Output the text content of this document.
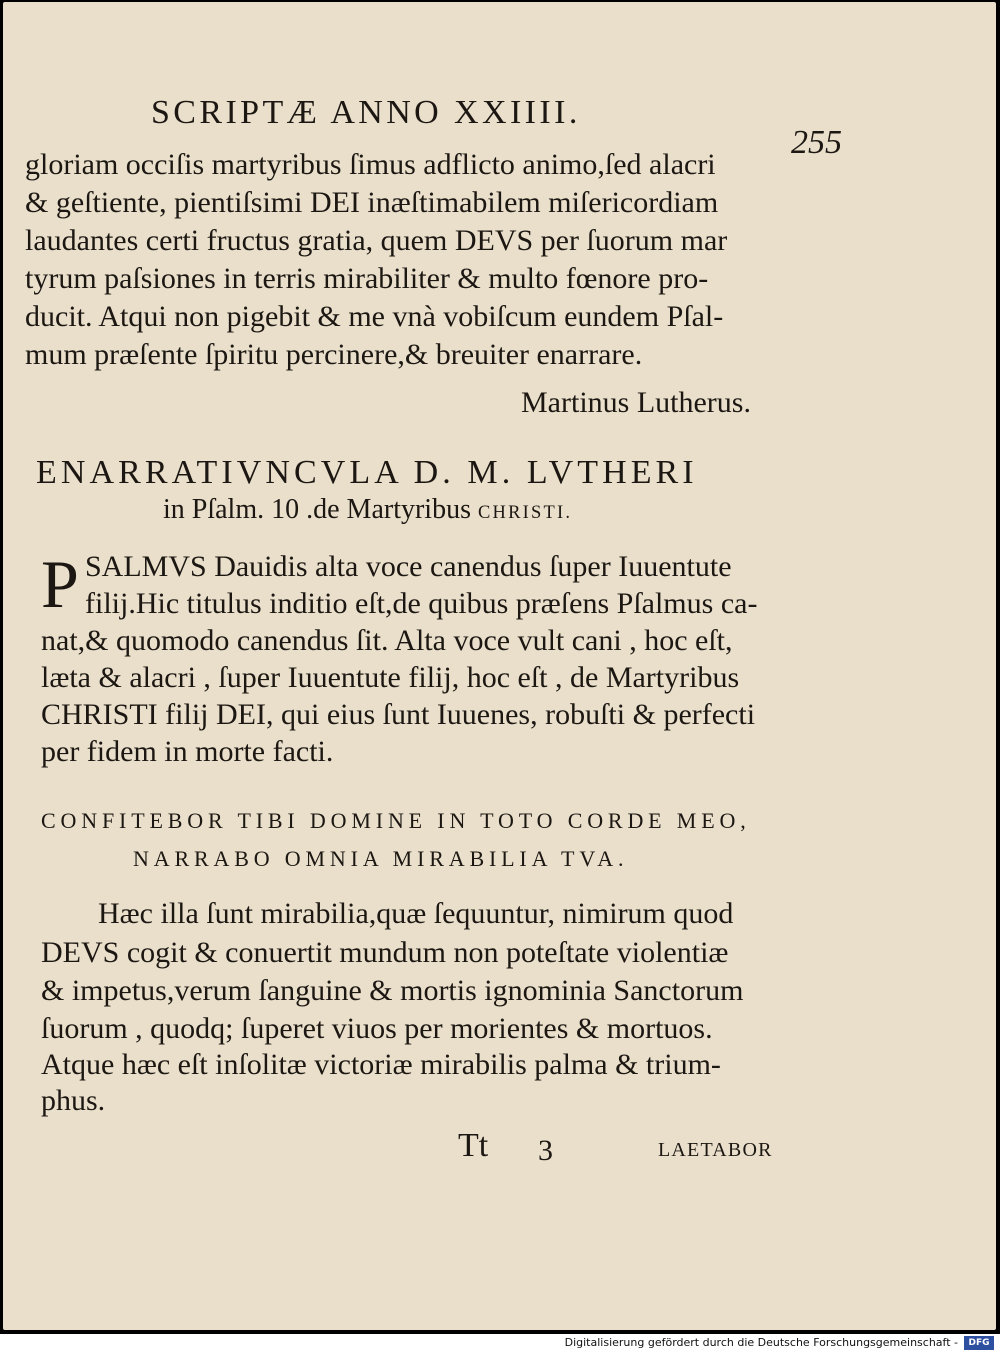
SCRIPTÆ ANNO XXIIII.
255
gloriam occiſis martyribus ſimus adflicto animo,ſed alacri
& geſtiente, pientiſsimi DEI inæſtimabilem miſericordiam
laudantes certi fructus gratia, quem DEVS per ſuorum mar
tyrum paſsiones in terris mirabiliter & multo fœnore pro-
ducit. Atqui non pigebit & me vnà vobiſcum eundem Pſal-
mum præſente ſpiritu percinere,& breuiter enarrare.
Martinus Lutherus.
ENARRATIVNCVLA D. M. LVTHERI
in Pſalm. 10 .de Martyribus CHRISTI.
P SALMVS Dauidis alta voce canendus ſuper Iuuentute
filij.Hic titulus inditio eſt,de quibus præſens Pſalmus ca-
nat,& quomodo canendus ſit. Alta voce vult cani , hoc eſt,
læta & alacri , ſuper Iuuentute filij, hoc eſt , de Martyribus
CHRISTI filij DEI, qui eius ſunt Iuuenes, robuſti & perfecti
per fidem in morte facti.
CONFITEBOR TIBI DOMINE IN TOTO CORDE MEO,
NARRABO OMNIA MIRABILIA TVA.
Hæc illa ſunt mirabilia,quæ ſequuntur, nimirum quod
DEVS cogit & conuertit mundum non poteſtate violentiæ
& impetus,verum ſanguine & mortis ignominia Sanctorum
ſuorum , quodq; ſuperet viuos per morientes & mortuos.
Atque hæc eſt inſolitæ victoriæ mirabilis palma & trium-
phus.
Tt 3	LAETABOR
Digitalisierung gefördert durch die Deutsche Forschungsgemeinschaft -	DFG
